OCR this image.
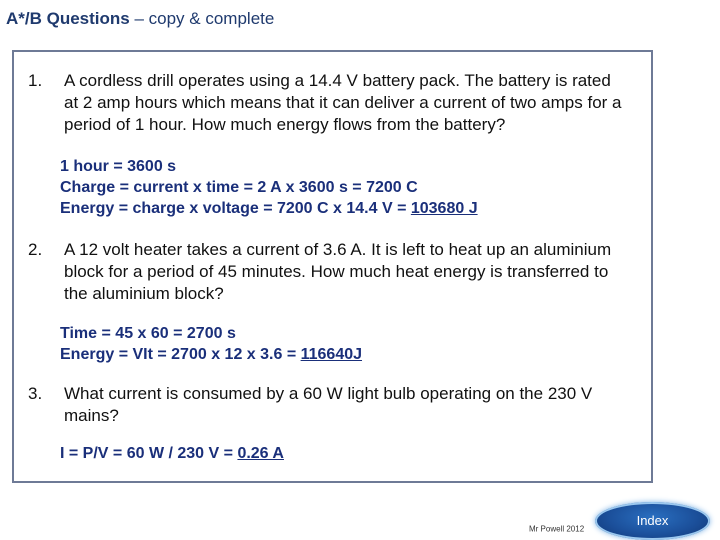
A*/B Questions – copy & complete
1.	A cordless drill operates using a 14.4 V battery pack. The battery is rated at 2 amp hours which means that it can deliver a current of two amps for a period of 1 hour. How much energy flows from the battery?
1 hour = 3600 s
Charge = current x time = 2 A x 3600 s = 7200 C
Energy = charge x voltage = 7200 C x 14.4 V = 103680 J
2.	A 12 volt heater takes a current of 3.6 A. It is left to heat up an aluminium block for a period of 45 minutes. How much heat energy is transferred to the aluminium block?
Time = 45 x 60 = 2700 s
Energy = VIt = 2700 x 12 x 3.6 = 116640J
3.	What current is consumed by a 60 W light bulb operating on the 230 V mains?
I = P/V = 60 W / 230 V = 0.26 A
Mr Powell 2012
Index
